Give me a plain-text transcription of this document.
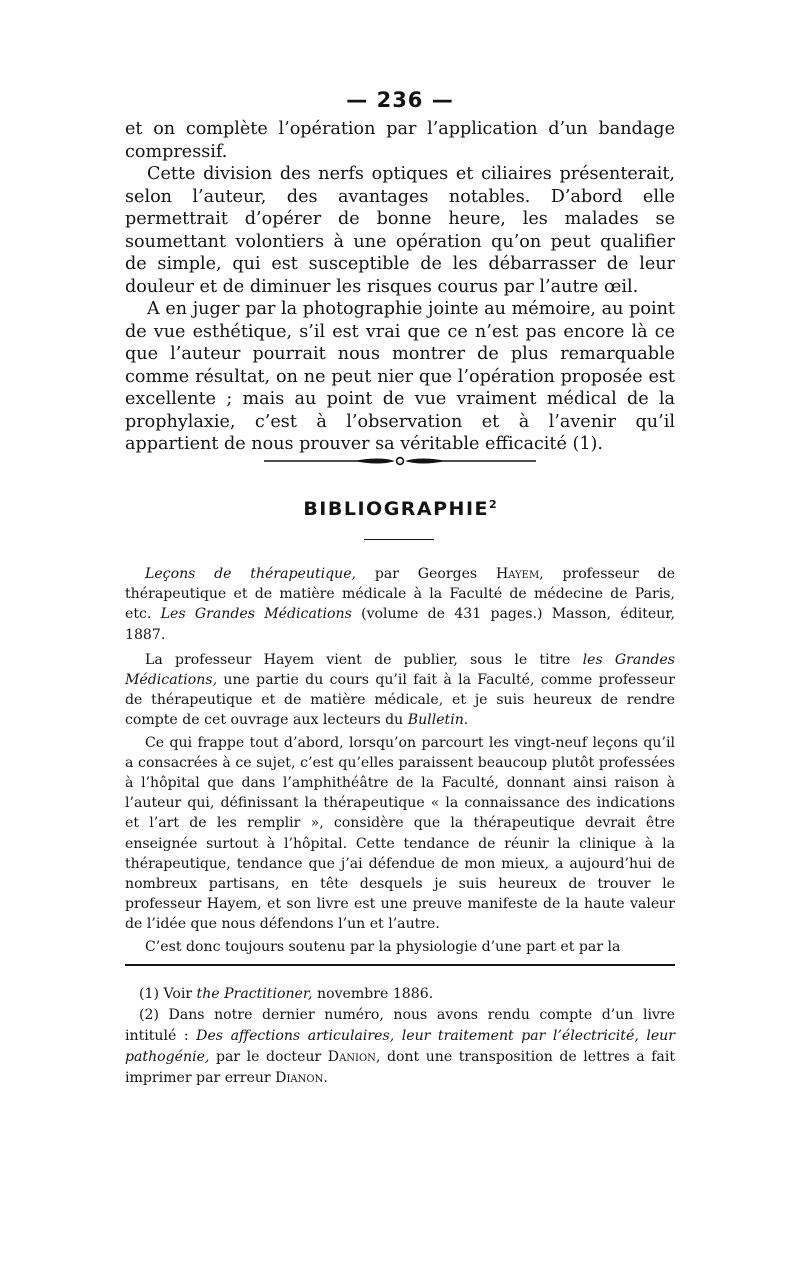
— 236 —

et on complète l’opération par l’application d’un bandage compressif.

Cette division des nerfs optiques et ciliaires présenterait, selon l’auteur, des avantages notables. D’abord elle permettrait d’opérer de bonne heure, les malades se soumettant volontiers à une opération qu’on peut qualifier de simple, qui est susceptible de les débarrasser de leur douleur et de diminuer les risques courus par l’autre œil.

A en juger par la photographie jointe au mémoire, au point de vue esthétique, s’il est vrai que ce n’est pas encore là ce que l’auteur pourrait nous montrer de plus remarquable comme résultat, on ne peut nier que l’opération proposée est excellente ; mais au point de vue vraiment médical de la prophylaxie, c’est à l’observation et à l’avenir qu’il appartient de nous prouver sa véritable efficacité (1).

BIBLIOGRAPHIE$^2$

Leçons de thérapeutique, par Georges Hayem, professeur de thérapeutique et de matière médicale à la Faculté de médecine de Paris, etc. Les Grandes Médications (volume de 431 pages.) Masson, éditeur, 1887.

La professeur Hayem vient de publier, sous le titre les Grandes Médications, une partie du cours qu’il fait à la Faculté, comme professeur de thérapeutique et de matière médicale, et je suis heureux de rendre compte de cet ouvrage aux lecteurs du Bulletin.

Ce qui frappe tout d’abord, lorsqu’on parcourt les vingt-neuf leçons qu’il a consacrées à ce sujet, c’est qu’elles paraissent beaucoup plutôt professées à l’hôpital que dans l’amphithéâtre de la Faculté, donnant ainsi raison à l’auteur qui, définissant la thérapeutique « la connaissance des indications et l’art de les remplir », considère que la thérapeutique devrait être enseignée surtout à l’hôpital. Cette tendance de réunir la clinique à la thérapeutique, tendance que j’ai défendue de mon mieux, a aujourd’hui de nombreux partisans, en tête desquels je suis heureux de trouver le professeur Hayem, et son livre est une preuve manifeste de la haute valeur de l’idée que nous défendons l’un et l’autre.

C’est donc toujours soutenu par la physiologie d’une part et par la

(1) Voir the Practitioner, novembre 1886.

(2) Dans notre dernier numéro, nous avons rendu compte d’un livre intitulé : Des affections articulaires, leur traitement par l’électricité, leur pathogénie, par le docteur Danion, dont une transposition de lettres a fait imprimer par erreur Dianon.
